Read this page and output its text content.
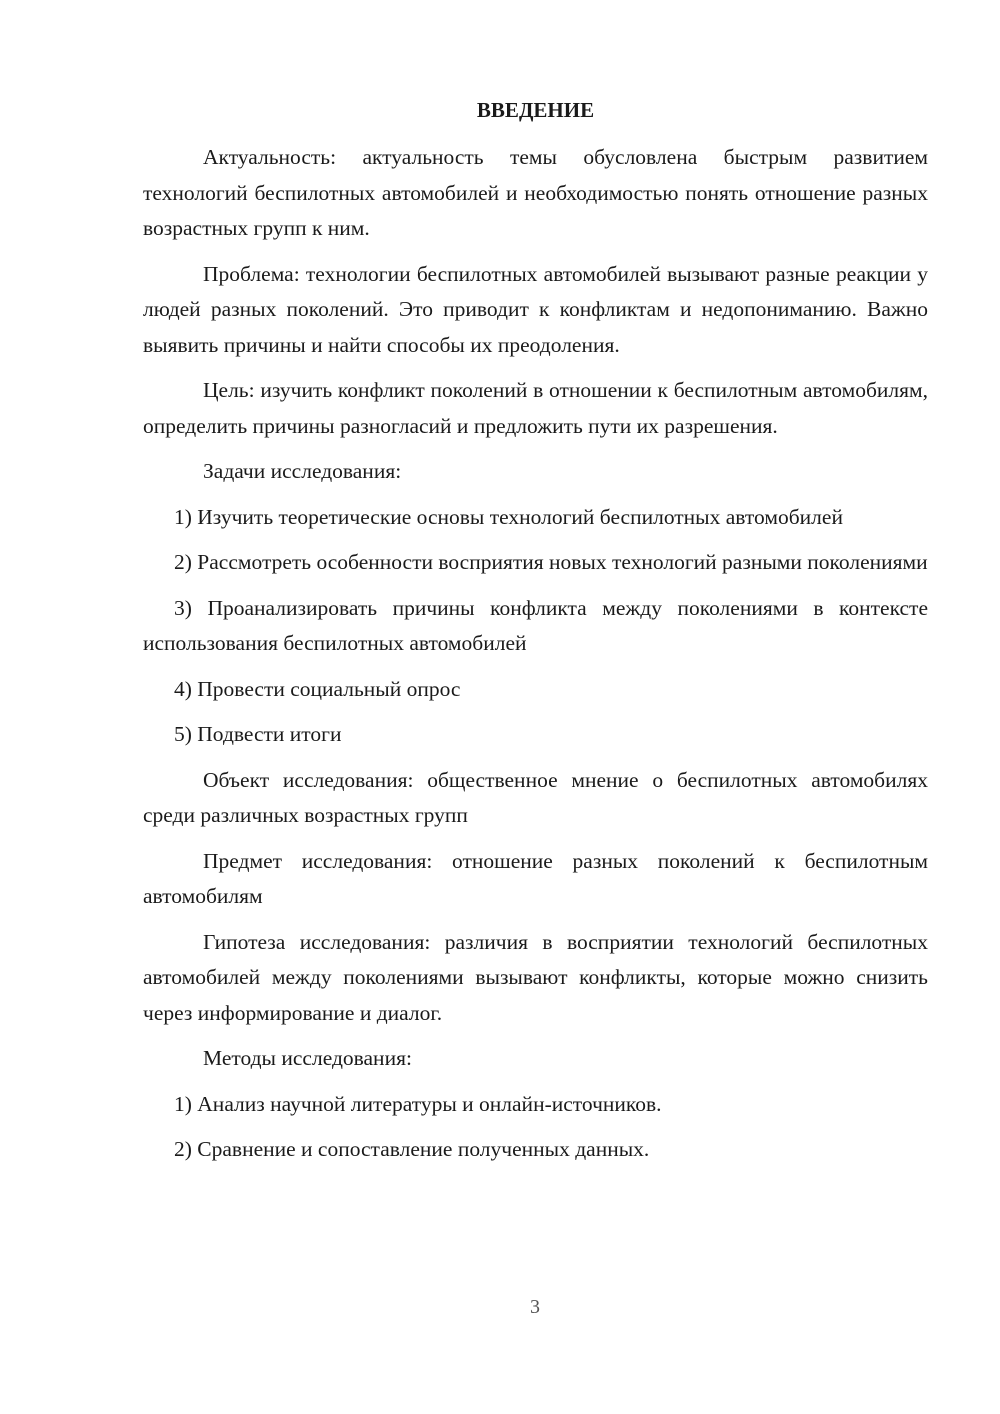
ВВЕДЕНИЕ

Актуальность: актуальность темы обусловлена быстрым развитием технологий беспилотных автомобилей и необходимостью понять отношение разных возрастных групп к ним.

Проблема: технологии беспилотных автомобилей вызывают разные реакции у людей разных поколений. Это приводит к конфликтам и недопониманию. Важно выявить причины и найти способы их преодоления.

Цель: изучить конфликт поколений в отношении к беспилотным автомобилям, определить причины разногласий и предложить пути их разрешения.

Задачи исследования:

1) Изучить теоретические основы технологий беспилотных автомобилей

2) Рассмотреть особенности восприятия новых технологий разными поколениями

3) Проанализировать причины конфликта между поколениями в контексте использования беспилотных автомобилей

4) Провести социальный опрос

5) Подвести итоги

Объект исследования: общественное мнение о беспилотных автомобилях среди различных возрастных групп

Предмет исследования: отношение разных поколений к беспилотным автомобилям

Гипотеза исследования: различия в восприятии технологий беспилотных автомобилей между поколениями вызывают конфликты, которые можно снизить через информирование и диалог.

Методы исследования:

1) Анализ научной литературы и онлайн-источников.

2) Сравнение и сопоставление полученных данных.

3
